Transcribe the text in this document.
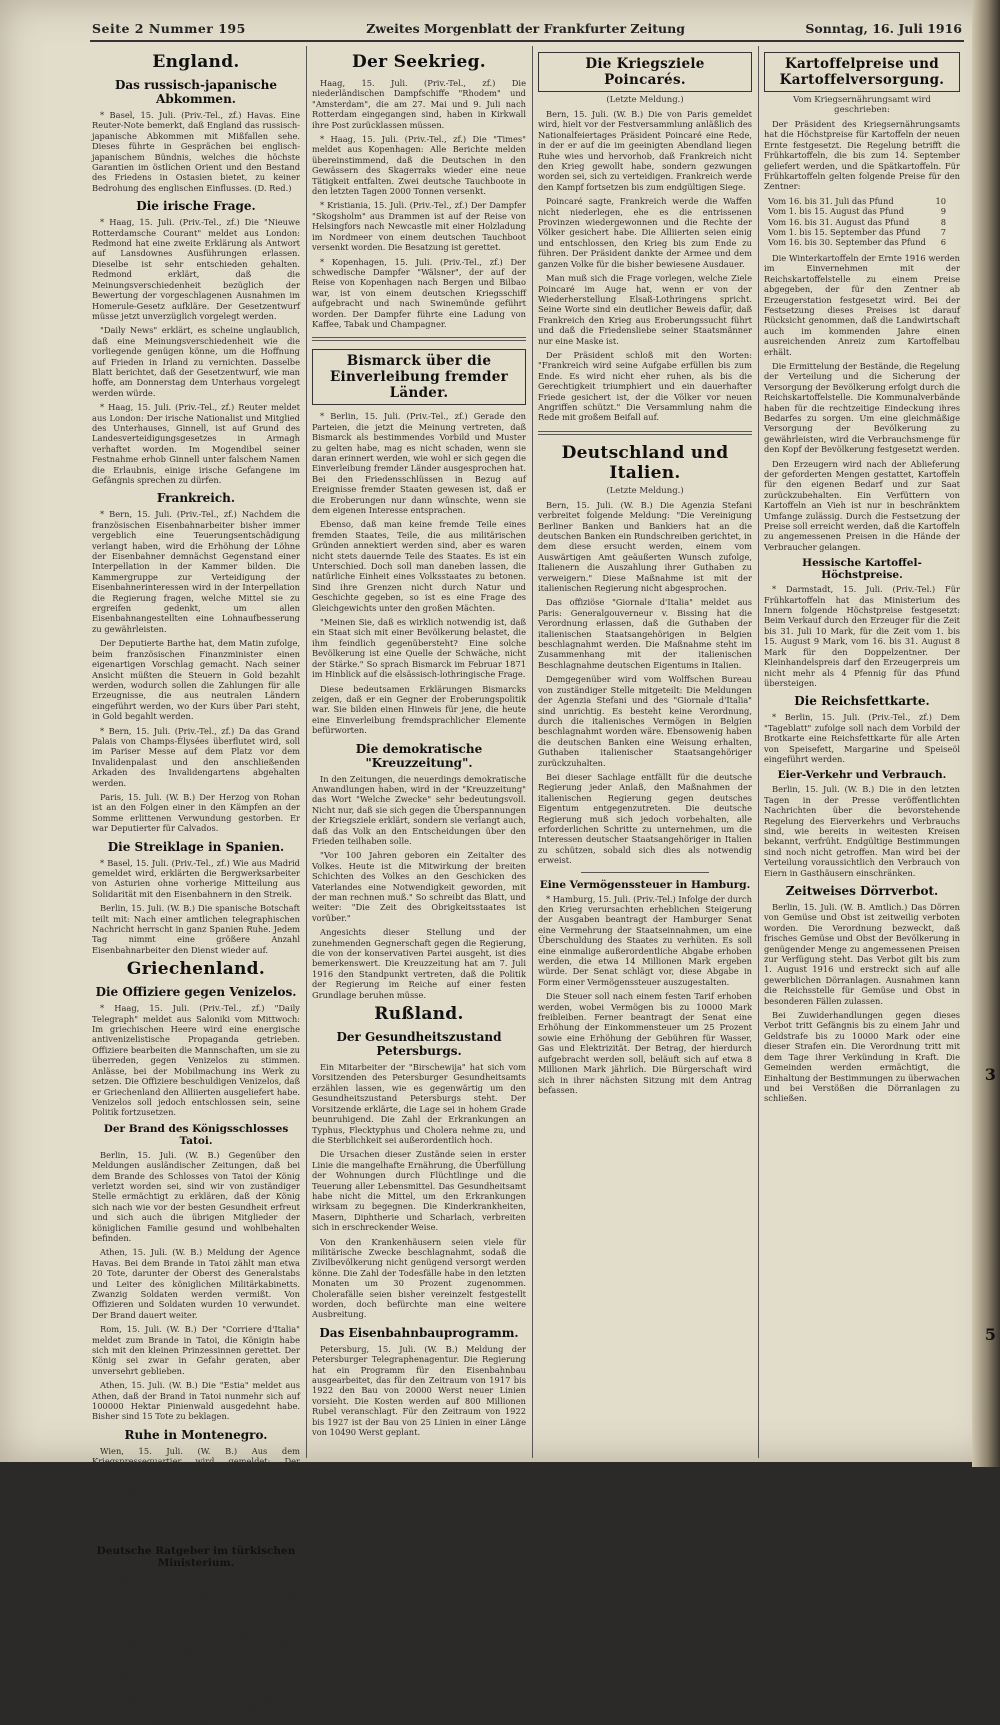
Seite 2 Nummer 195	Zweites Morgenblatt der Frankfurter Zeitung	Sonntag, 16. Juli 1916
England.
Das russisch-japanische Abkommen.

* Basel, 15. Juli. (Priv.-Tel., zf.) Havas. Eine Reuter-Note bemerkt, daß England das russisch-japanische Abkommen mit Mißfallen sehe. Dieses führte in Gesprächen bei englisch-japanischem Bündnis, welches die höchste Garantien im östlichen Orient und den Bestand des Friedens in Ostasien bietet, zu keiner Bedrohung des englischen Einflusses. (D. Red.)

Die irische Frage.

* Haag, 15. Juli. (Priv.-Tel., zf.) Die "Nieuwe Rotterdamsche Courant" meldet aus London: Redmond hat eine zweite Erklärung als Antwort auf Lansdownes Ausführungen erlassen. Dieselbe ist sehr entschieden gehalten. Redmond erklärt, daß die Meinungsverschiedenheit bezüglich der Bewertung der vorgeschlagenen Ausnahmen im Homerule-Gesetz aufkläre. Der Gesetzentwurf müsse jetzt unverzüglich vorgelegt werden.

"Daily News" erklärt, es scheine unglaublich, daß eine Meinungsverschiedenheit wie die vorliegende genügen könne, um die Hoffnung auf Frieden in Irland zu vernichten. Dasselbe Blatt berichtet, daß der Gesetzentwurf, wie man hoffe, am Donnerstag dem Unterhaus vorgelegt werden würde.

* Haag, 15. Juli. (Priv.-Tel., zf.) Reuter meldet aus London: Der irische Nationalist und Mitglied des Unterhauses, Ginnell, ist auf Grund des Landesverteidigungsgesetzes in Armagh verhaftet worden. Im Mogendibel seiner Festnahme erhob Ginnell unter falschem Namen die Erlaubnis, einige irische Gefangene im Gefängnis sprechen zu dürfen.

Frankreich.

* Bern, 15. Juli. (Priv.-Tel., zf.) Nachdem die französischen Eisenbahnarbeiter bisher immer vergeblich eine Teuerungsentschädigung verlangt haben, wird die Erhöhung der Löhne der Eisenbahner demnächst Gegenstand einer Interpellation in der Kammer bilden. Die Kammergruppe zur Verteidigung der Eisenbahnerinteressen wird in der Interpellation die Regierung fragen, welche Mittel sie zu ergreifen gedenkt, um allen Eisenbahnangestellten eine Lohnaufbesserung zu gewährleisten.

Der Deputierte Barthe hat, dem Matin zufolge, beim französischen Finanzminister einen eigenartigen Vorschlag gemacht. Nach seiner Ansicht müßten die Steuern in Gold bezahlt werden, wodurch sollen die Zahlungen für alle Erzeugnisse, die aus neutralen Ländern eingeführt werden, wo der Kurs über Pari steht, in Gold begahlt werden.

* Bern, 15. Juli. (Priv.-Tel., zf.) Da das Grand Palais von Champs-Élysées überflutet wird, soll im Pariser Messe auf dem Platz vor dem Invalidenpalast und den anschließenden Arkaden des Invalidengartens abgehalten werden.

Paris, 15. Juli. (W. B.) Der Herzog von Rohan ist an den Folgen einer in den Kämpfen an der Somme erlittenen Verwundung gestorben. Er war Deputierter für Calvados.

Die Streiklage in Spanien.

* Basel, 15. Juli. (Priv.-Tel., zf.) Wie aus Madrid gemeldet wird, erklärten die Bergwerksarbeiter von Asturien ohne vorherige Mitteilung aus Solidarität mit den Eisenbahnern in den Streik.

Berlin, 15. Juli. (W. B.) Die spanische Botschaft teilt mit: Nach einer amtlichen telegraphischen Nachricht herrscht in ganz Spanien Ruhe. Jedem Tag nimmt eine größere Anzahl Eisenbahnarbeiter den Dienst wieder auf.

Griechenland.
Die Offiziere gegen Venizelos.

* Haag, 15. Juli. (Priv.-Tel., zf.) "Daily Telegraph" meldet aus Saloniki vom Mittwoch: Im griechischen Heere wird eine energische antivenizelistische Propaganda getrieben. Offiziere bearbeiten die Mannschaften, um sie zu überreden, gegen Venizelos zu stimmen. Anlässe, bei der Mobilmachung ins Werk zu setzen. Die Offiziere beschuldigen Venizelos, daß er Griechenland den Alliierten ausgeliefert habe. Venizelos soll jedoch entschlossen sein, seine Politik fortzusetzen.

Der Brand des Königsschlosses Tatoi.

Berlin, 15. Juli. (W. B.) Gegenüber den Meldungen ausländischer Zeitungen, daß bei dem Brande des Schlosses von Tatoi der König verletzt worden sei, sind wir von zuständiger Stelle ermächtigt zu erklären, daß der König sich nach wie vor der besten Gesundheit erfreut und sich auch die übrigen Mitglieder der königlichen Familie gesund und wohlbehalten befinden.

Athen, 15. Juli. (W. B.) Meldung der Agence Havas. Bei dem Brande in Tatoi zählt man etwa 20 Tote, darunter der Oberst des Generalstabs und Leiter des königlichen Militärkabinetts. Zwanzig Soldaten werden vermißt. Von Offizieren und Soldaten wurden 10 verwundet. Der Brand dauert weiter.

Rom, 15. Juli. (W. B.) Der "Corriere d'Italia" meldet zum Brande in Tatoi, die Königin habe sich mit den kleinen Prinzessinnen gerettet. Der König sei zwar in Gefahr geraten, aber unversehrt geblieben.

Athen, 15. Juli. (W. B.) Die "Estia" meldet aus Athen, daß der Brand in Tatoi nunmehr sich auf 100000 Hektar Pinienwald ausgedehnt habe. Bisher sind 15 Tote zu beklagen.

Ruhe in Montenegro.

Wien, 15. Juli. (W. B.) Aus dem Kriegspressequartier wird gemeldet: Der montenegrinische Generalkonsul in London veröffentlicht einen Bericht, in dem behauptet wird, daß in Montenegro eine Aufruhrbewegung bestehe. Demgegenüber ist festzustellen, daß im ganzen Lande vollkommene Ruhe herrscht und unsere Truppen die montenegrinischen Dörfer gesichert halten.

Deutsche Ratgeber im türkischen Ministerium.

* Konstantinopel, 15. Juli. (Priv.-Tel., zf.) Reichsgerichtsrat Heinke, der frühere Gouverneur von Samoa, ist als Ratgeber für das Justiz-, das Landwirtschafts- und das Innenministerium eingetroffen.

* Basel, 15. Juli. (Priv.-Tel., zf.) Agenzia Stefani meldet aus Rom: Fünf mit ihren Fahrzeugen unter die italienische Flagge getretene Kauffahrteischiffe sind in der Nähe von Kreta versenkt worden.

* Basel, 15. Juli. (Priv.-Tel., zf.) Die belgische Regierung hat in Paris ein Generalkonsulat übergeben. Die belgischen Regierungsgeschäfte werden künftig in Paris abgewickelt.

Der Seekrieg.

Haag, 15. Juli. (Priv.-Tel., zf.) Die niederländischen Dampfschiffe "Rhodem" und "Amsterdam", die am 27. Mai und 9. Juli nach Rotterdam eingegangen sind, haben in Kirkwall ihre Post zurücklassen müssen.

* Haag, 15. Juli. (Priv.-Tel., zf.) Die "Times" meldet aus Kopenhagen: Alle Berichte melden übereinstimmend, daß die Deutschen in den Gewässern des Skagerraks wieder eine neue Tätigkeit entfalten. Zwei deutsche Tauchboote in den letzten Tagen 2000 Tonnen versenkt.

* Kristiania, 15. Juli. (Priv.-Tel., zf.) Der Dampfer "Skogsholm" aus Drammen ist auf der Reise von Helsingfors nach Newcastle mit einer Holzladung im Nordmeer von einem deutschen Tauchboot versenkt worden. Die Besatzung ist gerettet.

* Kopenhagen, 15. Juli. (Priv.-Tel., zf.) Der schwedische Dampfer "Wälsner", der auf der Reise von Kopenhagen nach Bergen und Bilbao war, ist von einem deutschen Kriegsschiff aufgebracht und nach Swinemünde geführt worden. Der Dampfer führte eine Ladung von Kaffee, Tabak und Champagner.

Bismarck über die Einverleibung fremder Länder.

* Berlin, 15. Juli. (Priv.-Tel., zf.) Gerade den Parteien, die jetzt die Meinung vertreten, daß Bismarck als bestimmendes Vorbild und Muster zu gelten habe, mag es nicht schaden, wenn sie daran erinnert werden, wie wohl er sich gegen die Einverleibung fremder Länder ausgesprochen hat. Bei den Friedensschlüssen in Bezug auf Ereignisse fremder Staaten gewesen ist, daß er die Eroberungen nur dann wünschte, wenn sie dem eigenen Interesse entsprachen.

Ebenso, daß man keine fremde Teile eines fremden Staates, Teile, die aus militärischen Gründen annektiert werden sind, aber es waren nicht stets dauernde Teile des Staates. Es ist ein Unterschied. Doch soll man daneben lassen, die natürliche Einheit eines Volksstaates zu betonen. Sind ihre Grenzen nicht durch Natur und Geschichte gegeben, so ist es eine Frage des Gleichgewichts unter den großen Mächten.

"Meinen Sie, daß es wirklich notwendig ist, daß ein Staat sich mit einer Bevölkerung belastet, die ihm feindlich gegenübersteht? Eine solche Bevölkerung ist eine Quelle der Schwäche, nicht der Stärke." So sprach Bismarck im Februar 1871 im Hinblick auf die elsässisch-lothringische Frage.

Diese bedeutsamen Erklärungen Bismarcks zeigen, daß er ein Gegner der Eroberungspolitik war. Sie bilden einen Hinweis für jene, die heute eine Einverleibung fremdsprachlicher Elemente befürworten.

Die demokratische "Kreuzzeitung".

In den Zeitungen, die neuerdings demokratische Anwandlungen haben, wird in der "Kreuzzeitung" das Wort "Welche Zwecke" sehr bedeutungsvoll. Nicht nur, daß sie sich gegen die Überspannungen der Kriegsziele erklärt, sondern sie verlangt auch, daß das Volk an den Entscheidungen über den Frieden teilhaben solle.

"Vor 100 Jahren geboren ein Zeitalter des Volkes. Heute ist die Mitwirkung der breiten Schichten des Volkes an den Geschicken des Vaterlandes eine Notwendigkeit geworden, mit der man rechnen muß." So schreibt das Blatt, und weiter: "Die Zeit des Obrigkeitsstaates ist vorüber."

Angesichts dieser Stellung und der zunehmenden Gegnerschaft gegen die Regierung, die von der konservativen Partei ausgeht, ist dies bemerkenswert. Die Kreuzzeitung hat am 7. Juli 1916 den Standpunkt vertreten, daß die Politik der Regierung im Reiche auf einer festen Grundlage beruhen müsse.

Rußland.
Der Gesundheitszustand Petersburgs.

Ein Mitarbeiter der "Birschewija" hat sich vom Vorsitzenden des Petersburger Gesundheitsamts erzählen lassen, wie es gegenwärtig um den Gesundheitszustand Petersburgs steht. Der Vorsitzende erklärte, die Lage sei in hohem Grade beunruhigend. Die Zahl der Erkrankungen an Typhus, Flecktyphus und Cholera nehme zu, und die Sterblichkeit sei außerordentlich hoch.

Die Ursachen dieser Zustände seien in erster Linie die mangelhafte Ernährung, die Überfüllung der Wohnungen durch Flüchtlinge und die Teuerung aller Lebensmittel. Das Gesundheitsamt habe nicht die Mittel, um den Erkrankungen wirksam zu begegnen. Die Kinderkrankheiten, Masern, Diphtherie und Scharlach, verbreiten sich in erschreckender Weise.

Von den Krankenhäusern seien viele für militärische Zwecke beschlagnahmt, sodaß die Zivilbevölkerung nicht genügend versorgt werden könne. Die Zahl der Todesfälle habe in den letzten Monaten um 30 Prozent zugenommen. Cholerafälle seien bisher vereinzelt festgestellt worden, doch befürchte man eine weitere Ausbreitung.

Das Eisenbahnbauprogramm.

Petersburg, 15. Juli. (W. B.) Meldung der Petersburger Telegraphenagentur. Die Regierung hat ein Programm für den Eisenbahnbau ausgearbeitet, das für den Zeitraum von 1917 bis 1922 den Bau von 20000 Werst neuer Linien vorsieht. Die Kosten werden auf 800 Millionen Rubel veranschlagt. Für den Zeitraum von 1922 bis 1927 ist der Bau von 25 Linien in einer Länge von 10490 Werst geplant.

Die Kriegsziele Poincarés.
(Letzte Meldung.)

Bern, 15. Juli. (W. B.) Die von Paris gemeldet wird, hielt vor der Festversammlung anläßlich des Nationalfeiertages Präsident Poincaré eine Rede, in der er auf die im geeinigten Abendland liegen Ruhe wies und hervorhob, daß Frankreich nicht den Krieg gewollt habe, sondern gezwungen worden sei, sich zu verteidigen. Frankreich werde den Kampf fortsetzen bis zum endgültigen Siege.

Poincaré sagte, Frankreich werde die Waffen nicht niederlegen, ehe es die entrissenen Provinzen wiedergewonnen und die Rechte der Völker gesichert habe. Die Alliierten seien einig und entschlossen, den Krieg bis zum Ende zu führen. Der Präsident dankte der Armee und dem ganzen Volke für die bisher bewiesene Ausdauer.

Man muß sich die Frage vorlegen, welche Ziele Poincaré im Auge hat, wenn er von der Wiederherstellung Elsaß-Lothringens spricht. Seine Worte sind ein deutlicher Beweis dafür, daß Frankreich den Krieg aus Eroberungssucht führt und daß die Friedensliebe seiner Staatsmänner nur eine Maske ist.

Der Präsident schloß mit den Worten: "Frankreich wird seine Aufgabe erfüllen bis zum Ende. Es wird nicht eher ruhen, als bis die Gerechtigkeit triumphiert und ein dauerhafter Friede gesichert ist, der die Völker vor neuen Angriffen schützt." Die Versammlung nahm die Rede mit großem Beifall auf.

Deutschland und Italien.
(Letzte Meldung.)

Bern, 15. Juli. (W. B.) Die Agenzia Stefani verbreitet folgende Meldung: "Die Vereinigung Berliner Banken und Bankiers hat an die deutschen Banken ein Rundschreiben gerichtet, in dem diese ersucht werden, einem vom Auswärtigen Amt geäußerten Wunsch zufolge, Italienern die Auszahlung ihrer Guthaben zu verweigern." Diese Maßnahme ist mit der italienischen Regierung nicht abgesprochen.

Das offiziöse "Giornale d'Italia" meldet aus Paris: Generalgouverneur v. Bissing hat die Verordnung erlassen, daß die Guthaben der italienischen Staatsangehörigen in Belgien beschlagnahmt werden. Die Maßnahme steht im Zusammenhang mit der italienischen Beschlagnahme deutschen Eigentums in Italien.

Demgegenüber wird vom Wolffschen Bureau von zuständiger Stelle mitgeteilt: Die Meldungen der Agenzia Stefani und des "Giornale d'Italia" sind unrichtig. Es besteht keine Verordnung, durch die italienisches Vermögen in Belgien beschlagnahmt worden wäre. Ebensowenig haben die deutschen Banken eine Weisung erhalten, Guthaben italienischer Staatsangehöriger zurückzuhalten.

Bei dieser Sachlage entfällt für die deutsche Regierung jeder Anlaß, den Maßnahmen der italienischen Regierung gegen deutsches Eigentum entgegenzutreten. Die deutsche Regierung muß sich jedoch vorbehalten, alle erforderlichen Schritte zu unternehmen, um die Interessen deutscher Staatsangehöriger in Italien zu schützen, sobald sich dies als notwendig erweist.

Eine Vermögenssteuer in Hamburg.

* Hamburg, 15. Juli. (Priv.-Tel.) Infolge der durch den Krieg verursachten erheblichen Steigerung der Ausgaben beantragt der Hamburger Senat eine Vermehrung der Staatseinnahmen, um eine Überschuldung des Staates zu verhüten. Es soll eine einmalige außerordentliche Abgabe erhoben werden, die etwa 14 Millionen Mark ergeben würde. Der Senat schlägt vor, diese Abgabe in Form einer Vermögenssteuer auszugestalten.

Die Steuer soll nach einem festen Tarif erhoben werden, wobei Vermögen bis zu 10000 Mark freibleiben. Ferner beantragt der Senat eine Erhöhung der Einkommensteuer um 25 Prozent sowie eine Erhöhung der Gebühren für Wasser, Gas und Elektrizität. Der Betrag, der hierdurch aufgebracht werden soll, beläuft sich auf etwa 8 Millionen Mark jährlich. Die Bürgerschaft wird sich in ihrer nächsten Sitzung mit dem Antrag befassen.

Kartoffelpreise und Kartoffelversorgung.
Vom Kriegsernährungsamt wird geschrieben:

Der Präsident des Kriegsernährungsamts hat die Höchstpreise für Kartoffeln der neuen Ernte festgesetzt. Die Regelung betrifft die Frühkartoffeln, die bis zum 14. September geliefert werden, und die Spätkartoffeln. Für Frühkartoffeln gelten folgende Preise für den Zentner:

Vom 16. bis 31. Juli das Pfund	10
Vom 1. bis 15. August das Pfund	9
Vom 16. bis 31. August das Pfund	8
Vom 1. bis 15. September das Pfund 7
Vom 16. bis 30. September das Pfund 6

Die Winterkartoffeln der Ernte 1916 werden im Einvernehmen mit der Reichskartoffelstelle zu einem Preise abgegeben, der für den Zentner ab Erzeugerstation festgesetzt wird. Bei der Festsetzung dieses Preises ist darauf Rücksicht genommen, daß die Landwirtschaft auch im kommenden Jahre einen ausreichenden Anreiz zum Kartoffelbau erhält.

Die Ermittelung der Bestände, die Regelung der Verteilung und die Sicherung der Versorgung der Bevölkerung erfolgt durch die Reichskartoffelstelle. Die Kommunalverbände haben für die rechtzeitige Eindeckung ihres Bedarfes zu sorgen. Um eine gleichmäßige Versorgung der Bevölkerung zu gewährleisten, wird die Verbrauchsmenge für den Kopf der Bevölkerung festgesetzt werden.

Den Erzeugern wird nach der Ablieferung der geforderten Mengen gestattet, Kartoffeln für den eigenen Bedarf und zur Saat zurückzubehalten. Ein Verfüttern von Kartoffeln an Vieh ist nur in beschränktem Umfange zulässig. Durch die Festsetzung der Preise soll erreicht werden, daß die Kartoffeln zu angemessenen Preisen in die Hände der Verbraucher gelangen.

Hessische Kartoffel-Höchstpreise.

* Darmstadt, 15. Juli. (Priv.-Tel.) Für Frühkartoffeln hat das Ministerium des Innern folgende Höchstpreise festgesetzt: Beim Verkauf durch den Erzeuger für die Zeit bis 31. Juli 10 Mark, für die Zeit vom 1. bis 15. August 9 Mark, vom 16. bis 31. August 8 Mark für den Doppelzentner. Der Kleinhandelspreis darf den Erzeugerpreis um nicht mehr als 4 Pfennig für das Pfund übersteigen.

Die Reichsfettkarte.

* Berlin, 15. Juli. (Priv.-Tel., zf.) Dem "Tageblatt" zufolge soll nach dem Vorbild der Brotkarte eine Reichsfettkarte für alle Arten von Speisefett, Margarine und Speiseöl eingeführt werden.

Eier-Verkehr und Verbrauch.

Berlin, 15. Juli. (W. B.) Die in den letzten Tagen in der Presse veröffentlichten Nachrichten über die bevorstehende Regelung des Eierverkehrs und Verbrauchs sind, wie bereits in weitesten Kreisen bekannt, verfrüht. Endgültige Bestimmungen sind noch nicht getroffen. Man wird bei der Verteilung voraussichtlich den Verbrauch von Eiern in Gasthäusern einschränken.

Zeitweises Dörrverbot.

Berlin, 15. Juli. (W. B. Amtlich.) Das Dörren von Gemüse und Obst ist zeitweilig verboten worden. Die Verordnung bezweckt, daß frisches Gemüse und Obst der Bevölkerung in genügender Menge zu angemessenen Preisen zur Verfügung steht. Das Verbot gilt bis zum 1. August 1916 und erstreckt sich auf alle gewerblichen Dörranlagen. Ausnahmen kann die Reichsstelle für Gemüse und Obst in besonderen Fällen zulassen.

Bei Zuwiderhandlungen gegen dieses Verbot tritt Gefängnis bis zu einem Jahr und Geldstrafe bis zu 10000 Mark oder eine dieser Strafen ein. Die Verordnung tritt mit dem Tage ihrer Verkündung in Kraft. Die Gemeinden werden ermächtigt, die Einhaltung der Bestimmungen zu überwachen und bei Verstößen die Dörranlagen zu schließen.

3
5
